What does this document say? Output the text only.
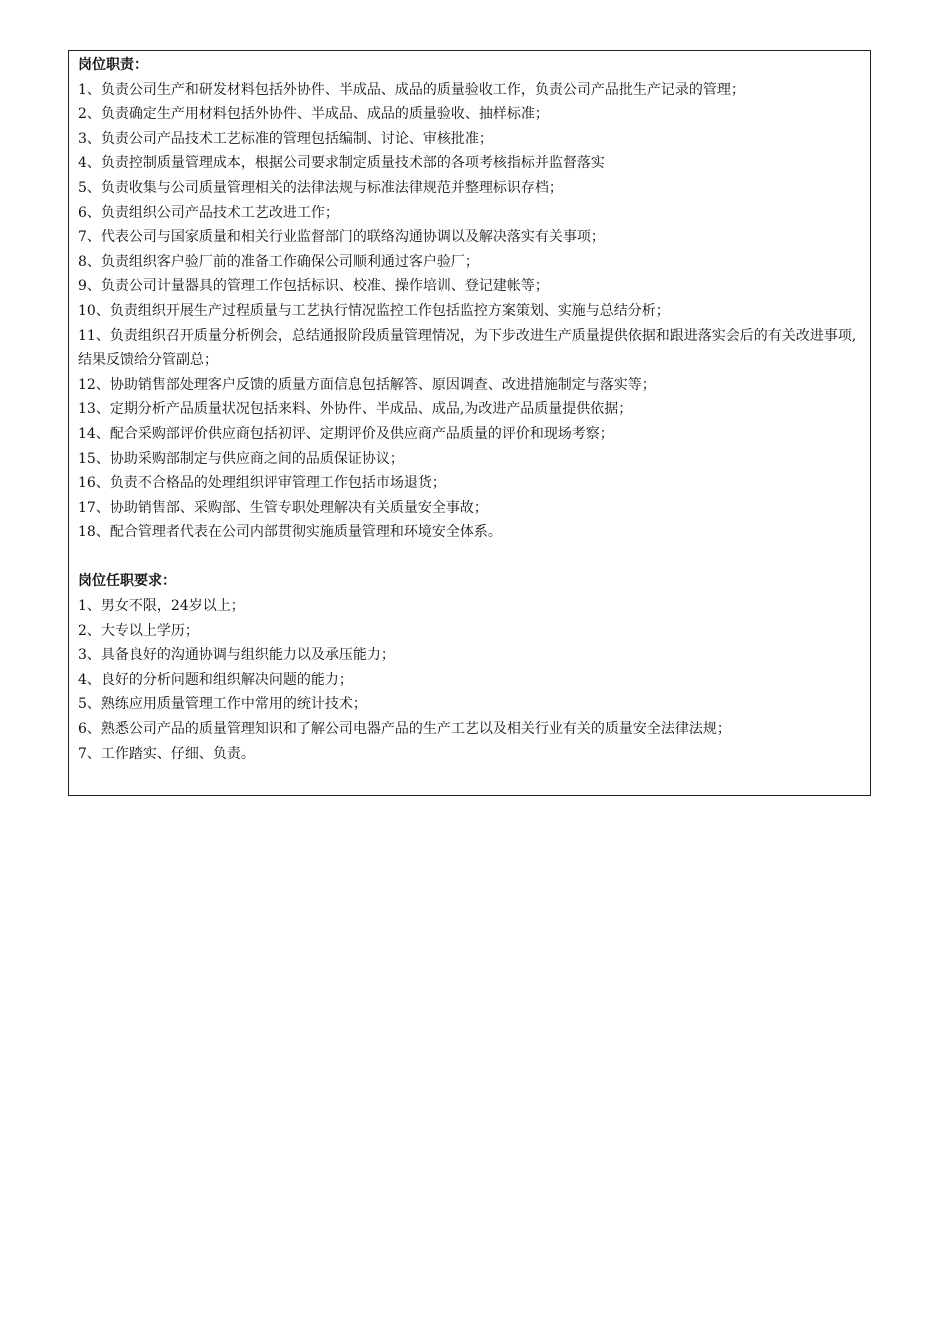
岗位职责：

1、负责公司生产和研发材料包括外协件、半成品、成品的质量验收工作，负责公司产品批生产记录的管理；

2、负责确定生产用材料包括外协件、半成品、成品的质量验收、抽样标准；

3、负责公司产品技术工艺标准的管理包括编制、讨论、审核批准；

4、负责控制质量管理成本，根据公司要求制定质量技术部的各项考核指标并监督落实

5、负责收集与公司质量管理相关的法律法规与标准法律规范并整理标识存档；

6、负责组织公司产品技术工艺改进工作；

7、代表公司与国家质量和相关行业监督部门的联络沟通协调以及解决落实有关事项；

8、负责组织客户验厂前的准备工作确保公司顺利通过客户验厂；

9、负责公司计量器具的管理工作包括标识、校准、操作培训、登记建帐等；

10、负责组织开展生产过程质量与工艺执行情况监控工作包括监控方案策划、实施与总结分析；

11、负责组织召开质量分析例会，总结通报阶段质量管理情况，为下步改进生产质量提供依据和跟进落实会后的有关改进事项,结果反馈给分管副总；

12、协助销售部处理客户反馈的质量方面信息包括解答、原因调查、改进措施制定与落实等；

13、定期分析产品质量状况包括来料、外协件、半成品、成品,为改进产品质量提供依据；

14、配合采购部评价供应商包括初评、定期评价及供应商产品质量的评价和现场考察；

15、协助采购部制定与供应商之间的品质保证协议；

16、负责不合格品的处理组织评审管理工作包括市场退货；

17、协助销售部、采购部、生管专职处理解决有关质量安全事故；

18、配合管理者代表在公司内部贯彻实施质量管理和环境安全体系。

岗位任职要求：

1、男女不限，24岁以上；

2、大专以上学历；

3、具备良好的沟通协调与组织能力以及承压能力；

4、良好的分析问题和组织解决问题的能力；

5、熟练应用质量管理工作中常用的统计技术；

6、熟悉公司产品的质量管理知识和了解公司电器产品的生产工艺以及相关行业有关的质量安全法律法规；

7、工作踏实、仔细、负责。
